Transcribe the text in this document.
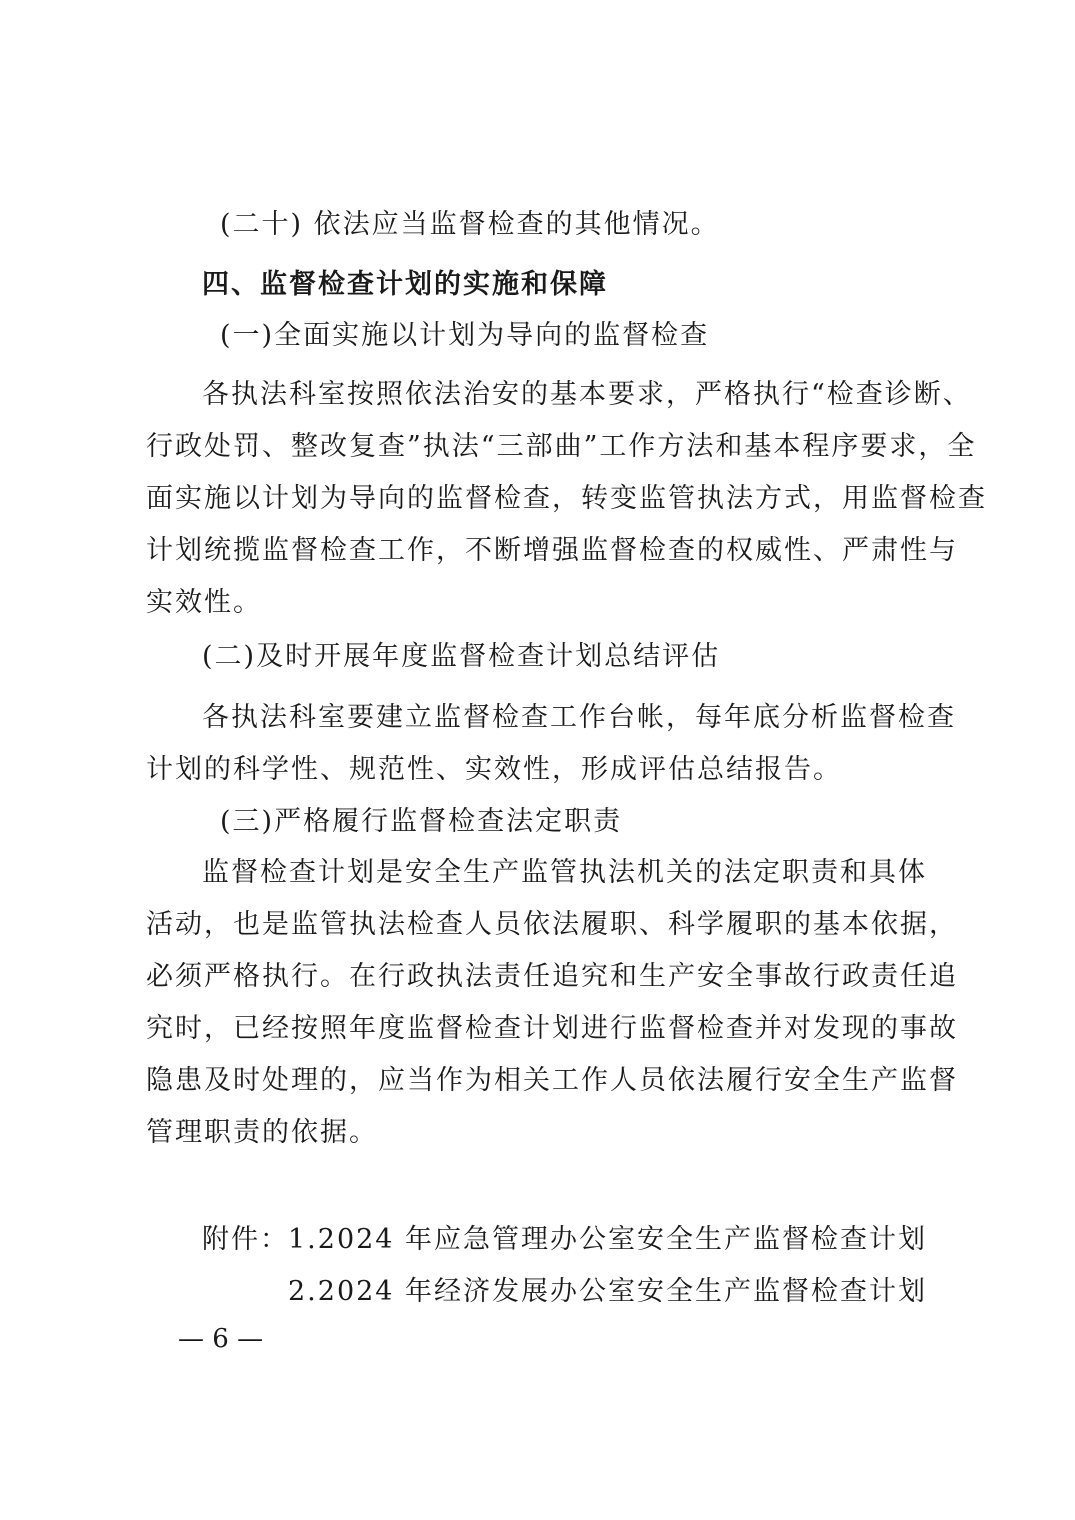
(二十) 依法应当监督检查的其他情况。
四、监督检查计划的实施和保障
(一)全面实施以计划为导向的监督检查
各执法科室按照依法治安的基本要求，严格执行“检查诊断、
行政处罚、整改复查”执法“三部曲”工作方法和基本程序要求，全
面实施以计划为导向的监督检查，转变监管执法方式，用监督检查
计划统揽监督检查工作，不断增强监督检查的权威性、严肃性与
实效性。
(二)及时开展年度监督检查计划总结评估
各执法科室要建立监督检查工作台帐，每年底分析监督检查
计划的科学性、规范性、实效性，形成评估总结报告。
(三)严格履行监督检查法定职责
监督检查计划是安全生产监管执法机关的法定职责和具体
活动，也是监管执法检查人员依法履职、科学履职的基本依据，
必须严格执行。在行政执法责任追究和生产安全事故行政责任追
究时，已经按照年度监督检查计划进行监督检查并对发现的事故
隐患及时处理的，应当作为相关工作人员依法履行安全生产监督
管理职责的依据。
附件： 1.2024 年应急管理办公室安全生产监督检查计划
2.2024 年经济发展办公室安全生产监督检查计划
— 6 —
